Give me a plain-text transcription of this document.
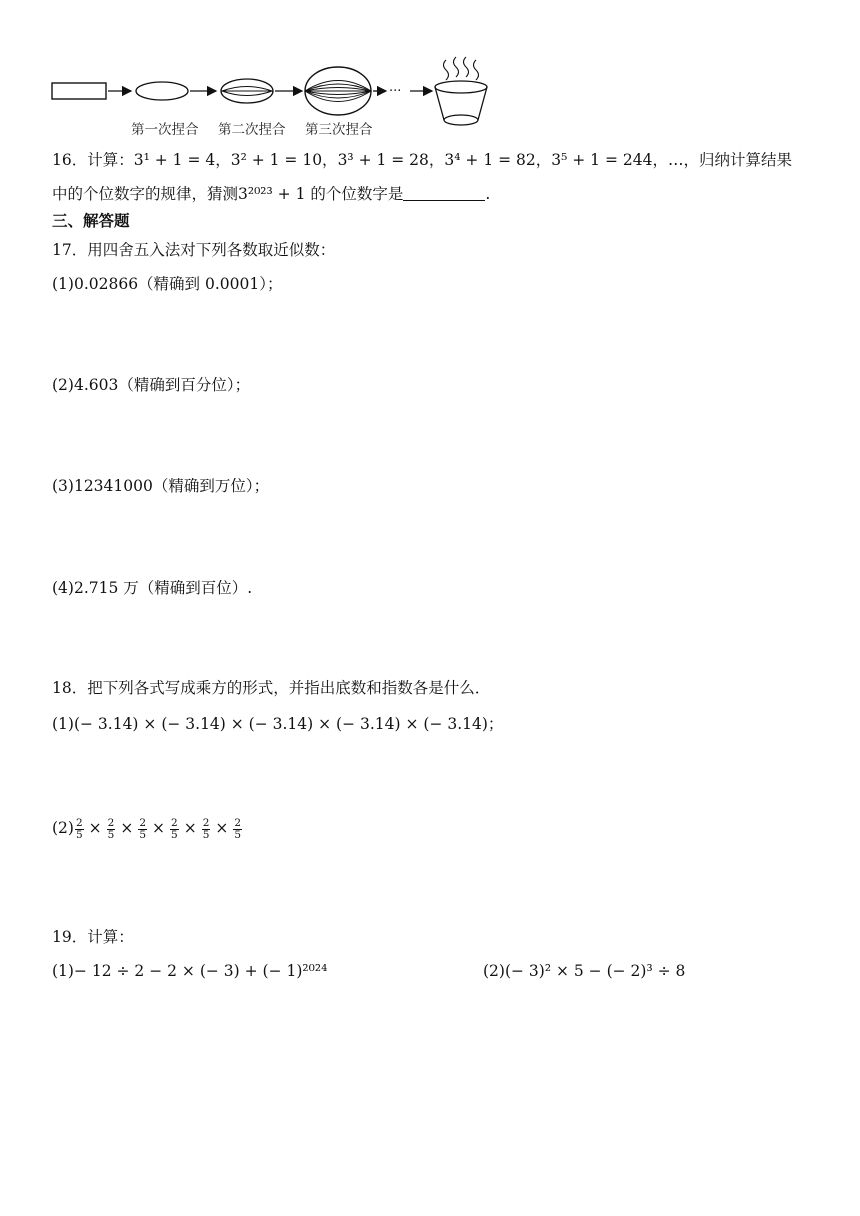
···
第一次捏合 第二次捏合 第三次捏合
16．计算：3¹ + 1 = 4，3² + 1 = 10，3³ + 1 = 28，3⁴ + 1 = 82，3⁵ + 1 = 244，…，归纳计算结果
中的个位数字的规律，猜测3²⁰²³ + 1 的个位数字是	.
三、解答题
17．用四舍五入法对下列各数取近似数：
(1)0.02866（精确到 0.0001）；
(2)4.603（精确到百分位）；
(3)12341000（精确到万位）；
(4)2.715 万（精确到百位）.
18．把下列各式写成乘方的形式，并指出底数和指数各是什么．
(1)(− 3.14) × (− 3.14) × (− 3.14) × (− 3.14) × (− 3.14)；
$(2) \frac{2}{5} \times \frac{2}{5} \times \frac{2}{5} \times \frac{2}{5} \times \frac{2}{5} \times \frac{2}{5}$
19．计算：
(1)− 12 ÷ 2 − 2 × (− 3) + (− 1)²⁰²⁴	(2)(− 3)² × 5 − (− 2)³ ÷ 8
